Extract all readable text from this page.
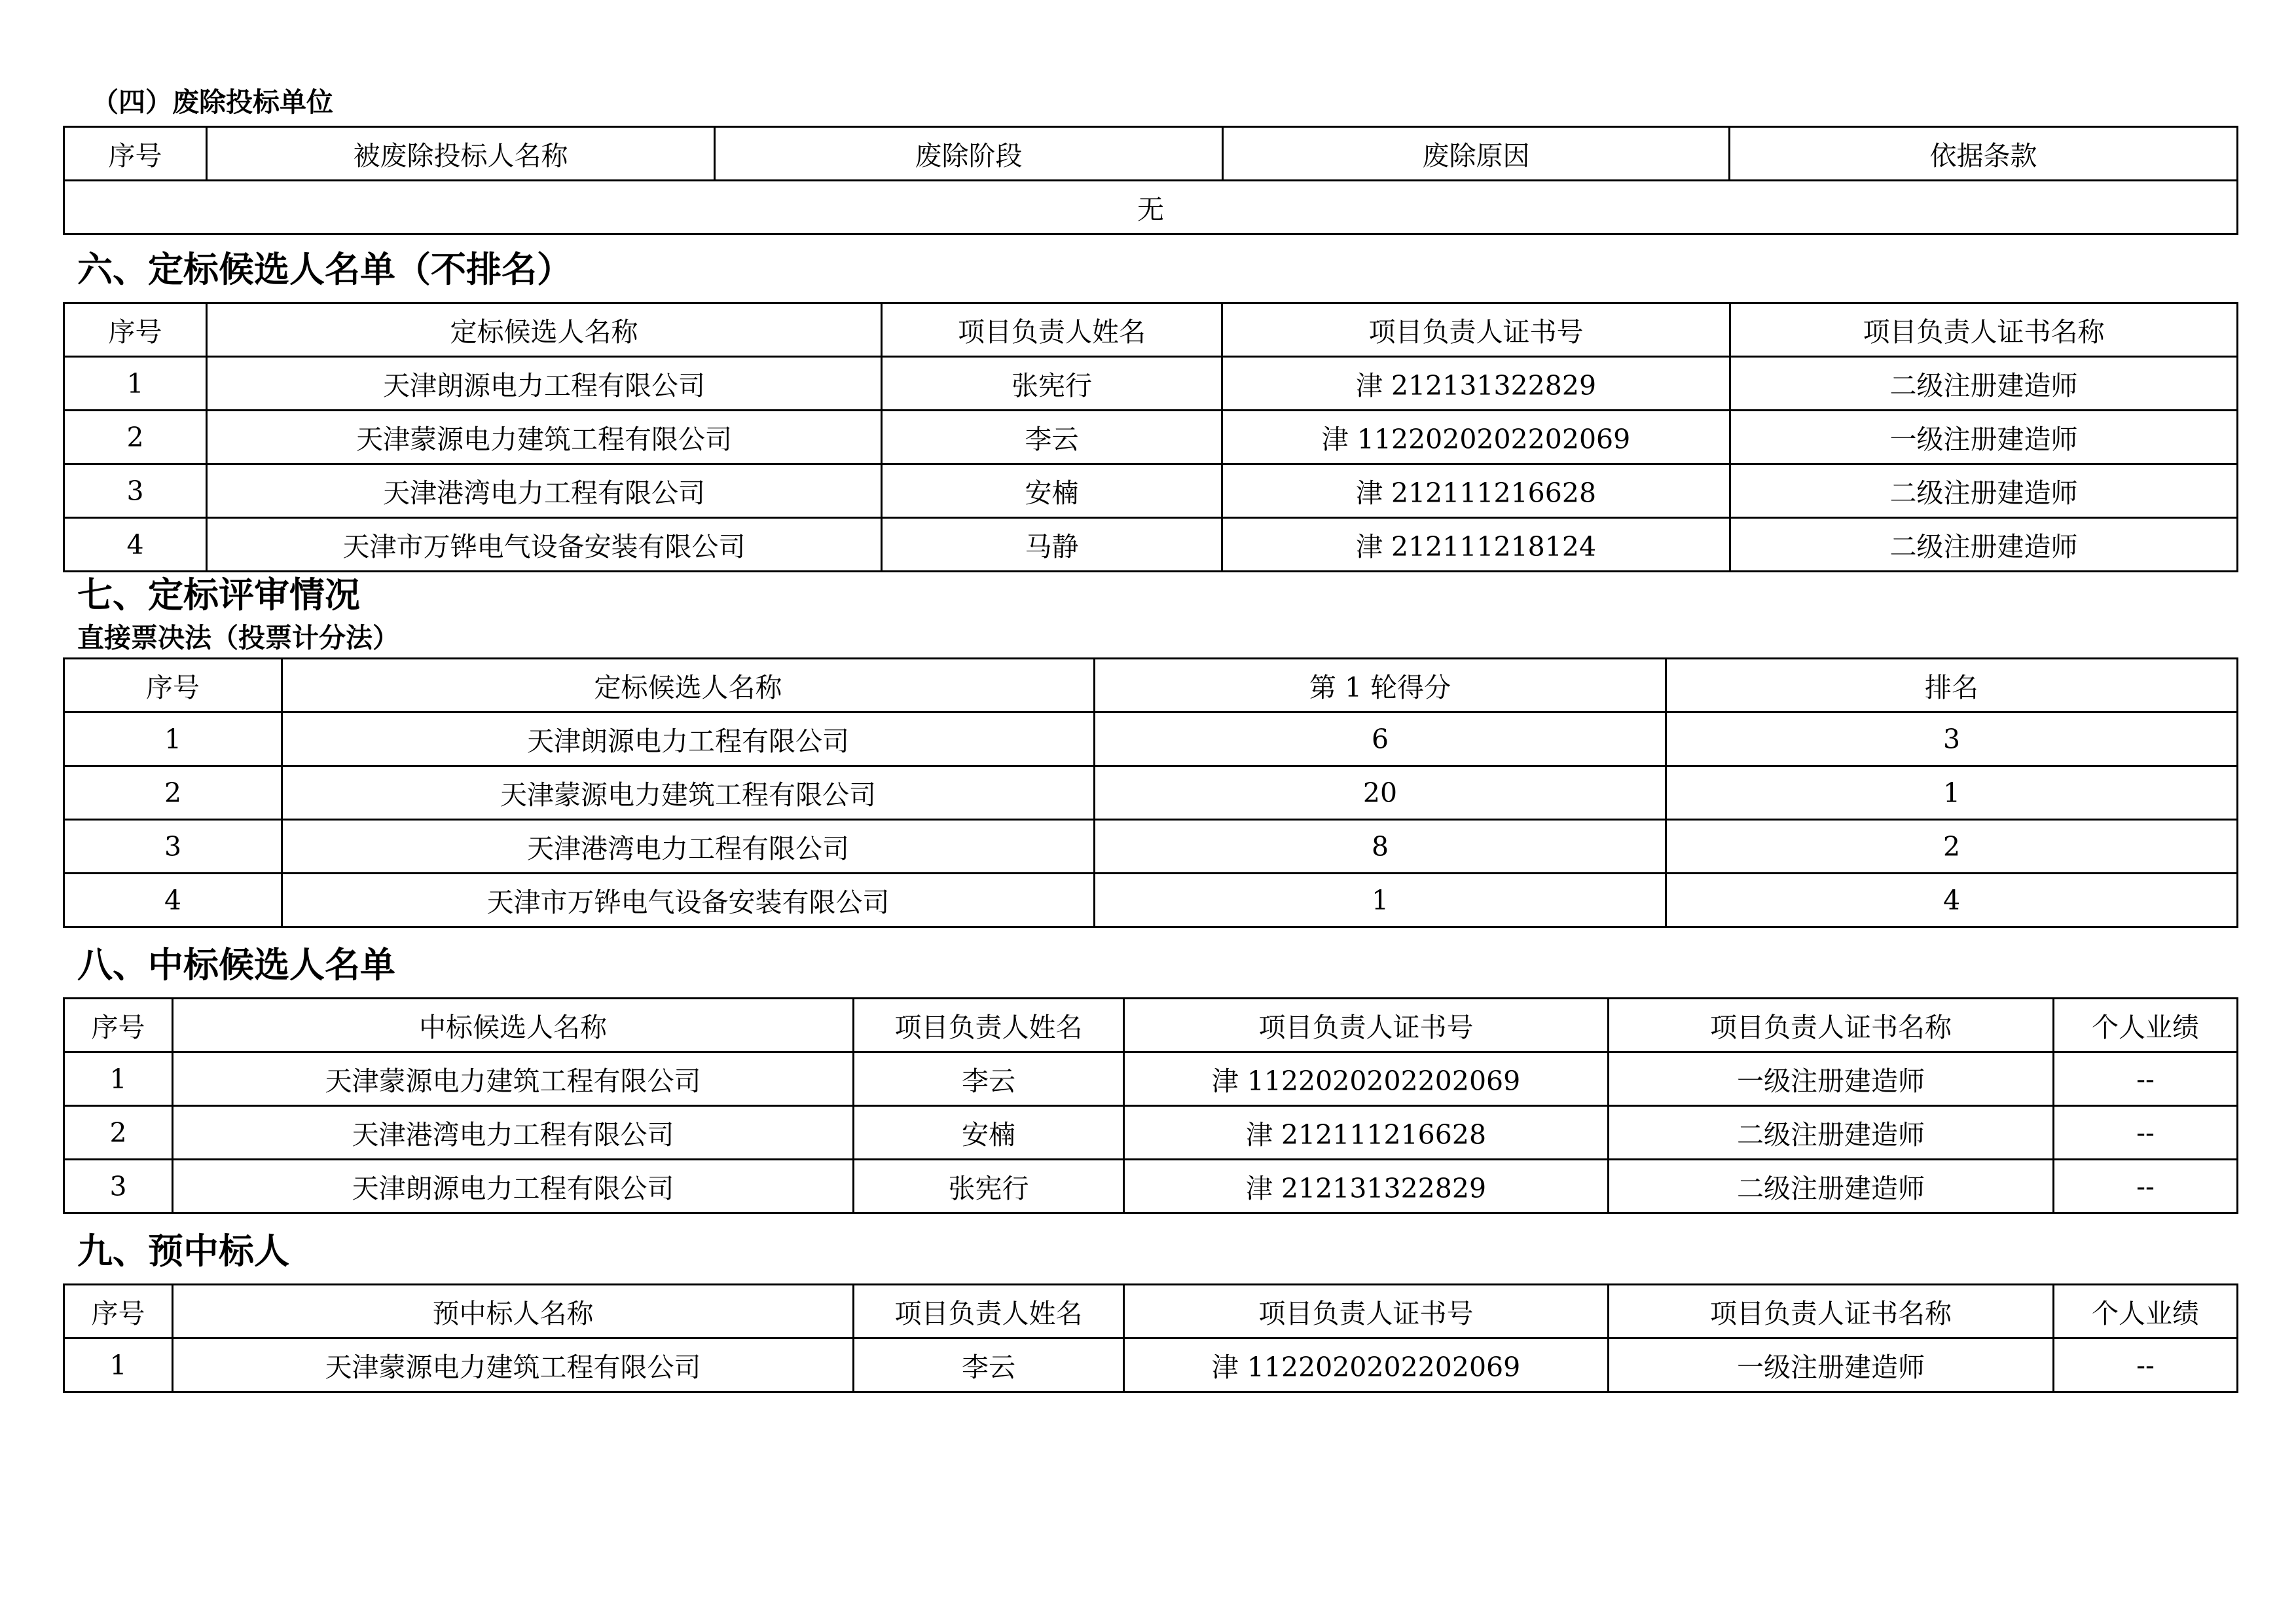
（四）废除投标单位
序号	被废除投标人名称	废除阶段	废除原因	依据条款
无
六、定标候选人名单（不排名）
序号	定标候选人名称	项目负责人姓名	项目负责人证书号	项目负责人证书名称
1	天津朗源电力工程有限公司	张宪行	津 212131322829	二级注册建造师
2	天津蒙源电力建筑工程有限公司	李云	津 1122020202202069	一级注册建造师
3	天津港湾电力工程有限公司	安楠	津 212111216628	二级注册建造师
4	天津市万铧电气设备安装有限公司	马静	津 212111218124	二级注册建造师
七、定标评审情况
直接票决法（投票计分法）
序号	定标候选人名称	第 1 轮得分	排名
1	天津朗源电力工程有限公司	6	3
2	天津蒙源电力建筑工程有限公司	20	1
3	天津港湾电力工程有限公司	8	2
4	天津市万铧电气设备安装有限公司	1	4
八、中标候选人名单
序号	中标候选人名称	项目负责人姓名	项目负责人证书号	项目负责人证书名称	个人业绩
1	天津蒙源电力建筑工程有限公司	李云	津 1122020202202069	一级注册建造师	--
2	天津港湾电力工程有限公司	安楠	津 212111216628	二级注册建造师	--
3	天津朗源电力工程有限公司	张宪行	津 212131322829	二级注册建造师	--
九、预中标人
序号	预中标人名称	项目负责人姓名	项目负责人证书号	项目负责人证书名称	个人业绩
1	天津蒙源电力建筑工程有限公司	李云	津 1122020202202069	一级注册建造师	--
